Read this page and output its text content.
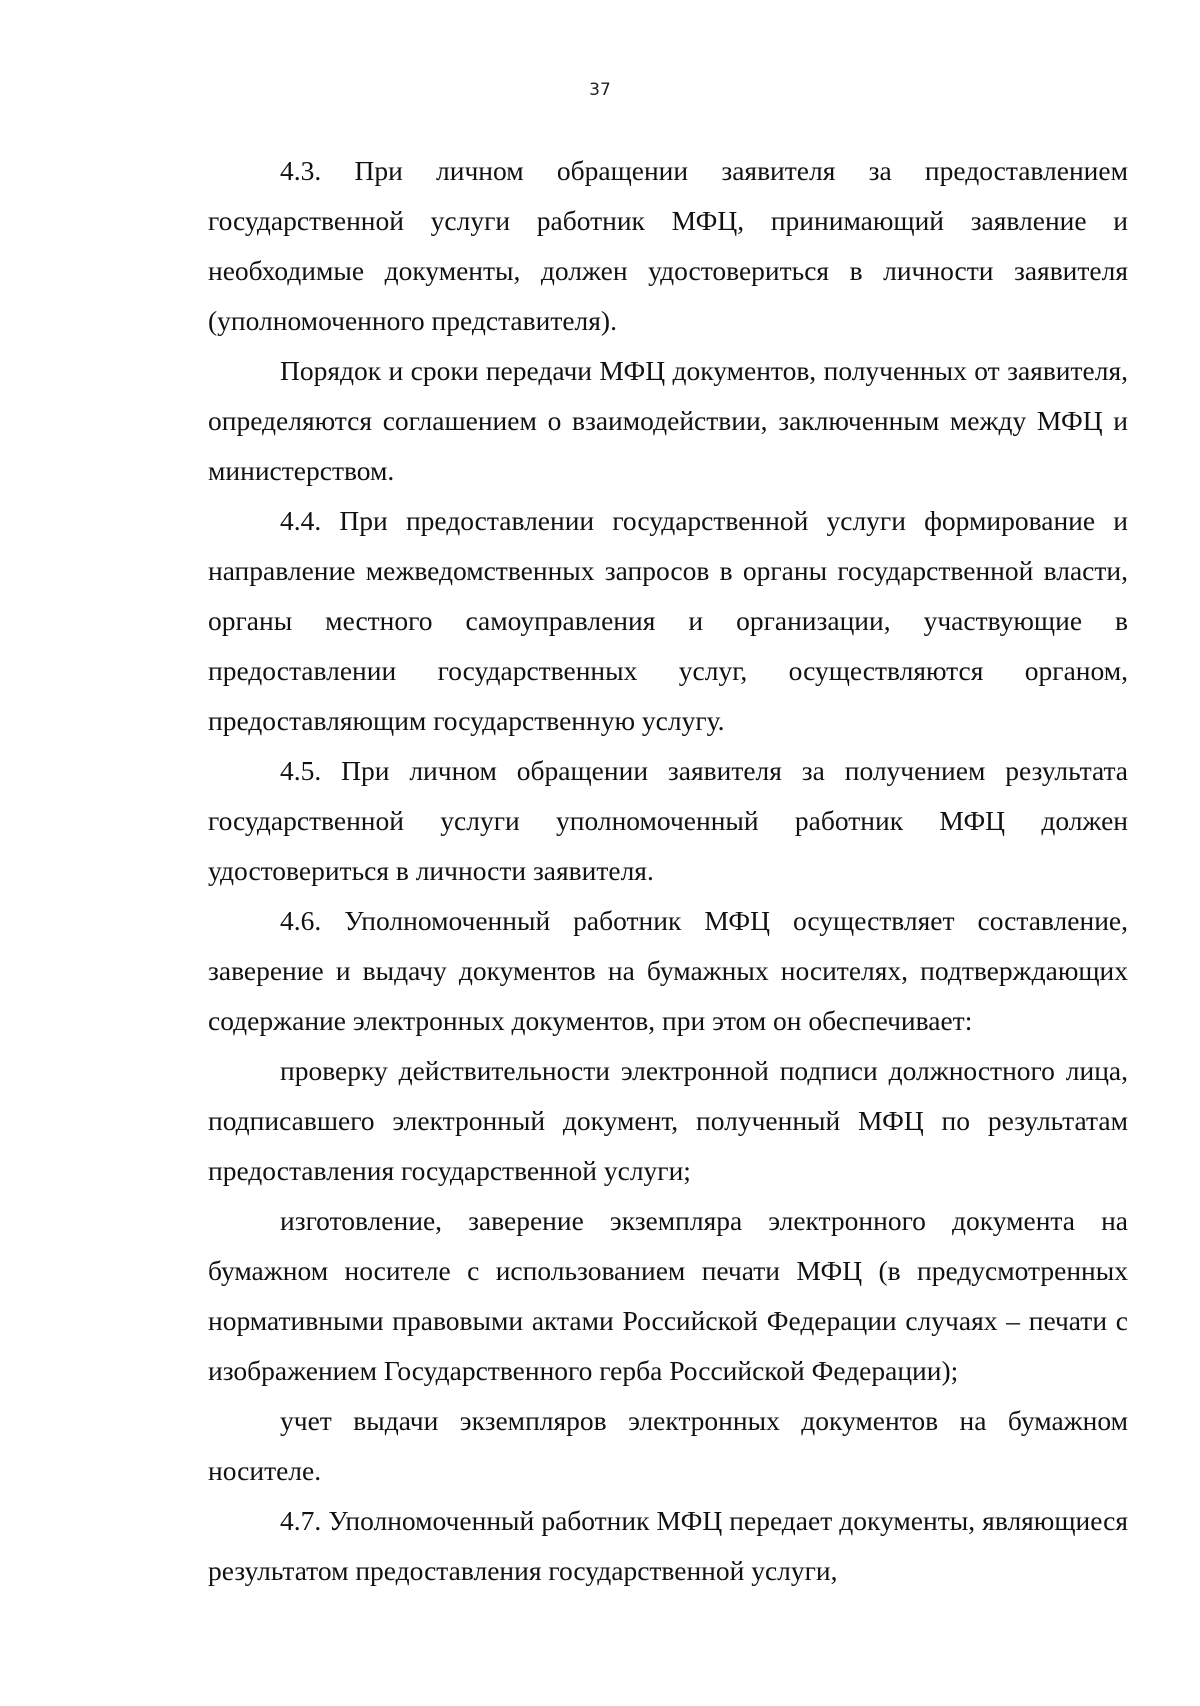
37

4.3. При личном обращении заявителя за предоставлением государственной услуги работник МФЦ, принимающий заявление и необходимые документы, должен удостовериться в личности заявителя (уполномоченного представителя).

Порядок и сроки передачи МФЦ документов, полученных от заявителя, определяются соглашением о взаимодействии, заключенным между МФЦ и министерством.

4.4. При предоставлении государственной услуги формирование и направление межведомственных запросов в органы государственной власти, органы местного самоуправления и организации, участвующие в предоставлении государственных услуг, осуществляются органом, предоставляющим государственную услугу.

4.5. При личном обращении заявителя за получением результата государственной услуги уполномоченный работник МФЦ должен удостовериться в личности заявителя.

4.6. Уполномоченный работник МФЦ осуществляет составление, заверение и выдачу документов на бумажных носителях, подтверждающих содержание электронных документов, при этом он обеспечивает:

проверку действительности электронной подписи должностного лица, подписавшего электронный документ, полученный МФЦ по результатам предоставления государственной услуги;

изготовление, заверение экземпляра электронного документа на бумажном носителе с использованием печати МФЦ (в предусмотренных нормативными правовыми актами Российской Федерации случаях – печати с изображением Государственного герба Российской Федерации);

учет выдачи экземпляров электронных документов на бумажном носителе.

4.7. Уполномоченный работник МФЦ передает документы, являющиеся результатом предоставления государственной услуги,
